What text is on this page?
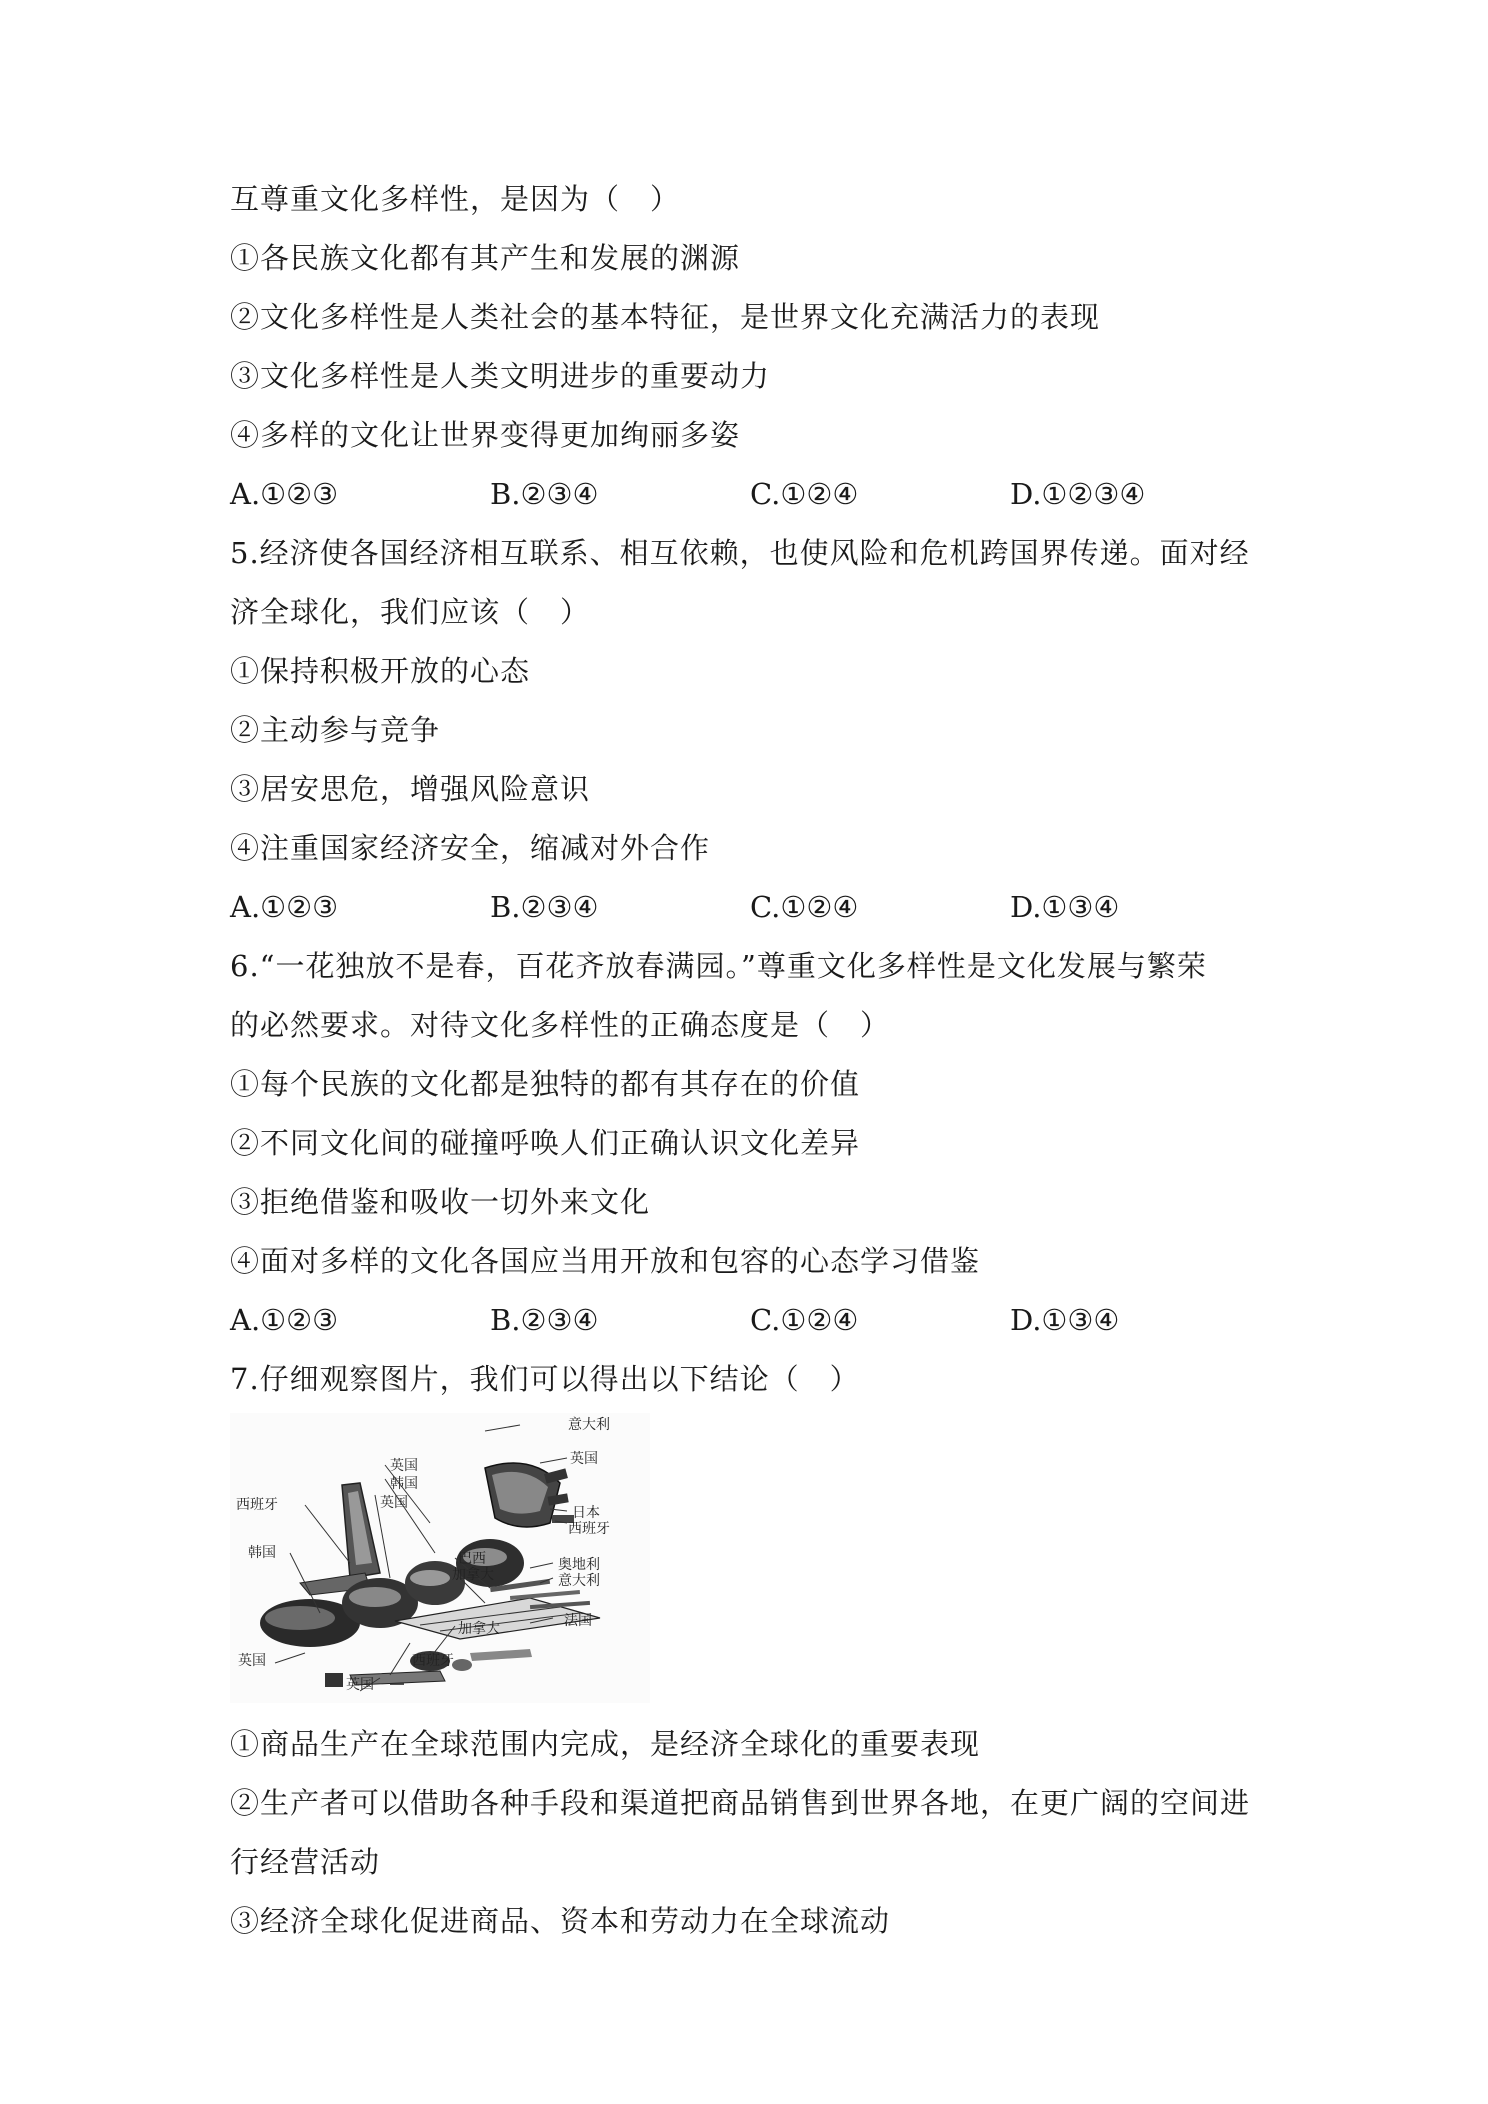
互尊重文化多样性，是因为（　）
①各民族文化都有其产生和发展的渊源
②文化多样性是人类社会的基本特征，是世界文化充满活力的表现
③文化多样性是人类文明进步的重要动力
④多样的文化让世界变得更加绚丽多姿
A.①②③	B.②③④	C.①②④	D.①②③④
5.经济使各国经济相互联系、相互依赖，也使风险和危机跨国界传递。面对经
济全球化，我们应该（　）
①保持积极开放的心态
②主动参与竞争
③居安思危，增强风险意识
④注重国家经济安全，缩减对外合作
A.①②③	B.②③④	C.①②④	D.①③④
6.“一花独放不是春，百花齐放春满园。”尊重文化多样性是文化发展与繁荣
的必然要求。对待文化多样性的正确态度是（　）
①每个民族的文化都是独特的都有其存在的价值
②不同文化间的碰撞呼唤人们正确认识文化差异
③拒绝借鉴和吸收一切外来文化
④面对多样的文化各国应当用开放和包容的心态学习借鉴
A.①②③	B.②③④	C.①②④	D.①③④
7.仔细观察图片，我们可以得出以下结论（　）
意大利
英国
日本
西班牙
英国
韩国
英国
西班牙
韩国	巴西
加拿大
奥地利
意大利
法国
加拿大
英国	西班牙
英国
①商品生产在全球范围内完成，是经济全球化的重要表现
②生产者可以借助各种手段和渠道把商品销售到世界各地，在更广阔的空间进
行经营活动
③经济全球化促进商品、资本和劳动力在全球流动
